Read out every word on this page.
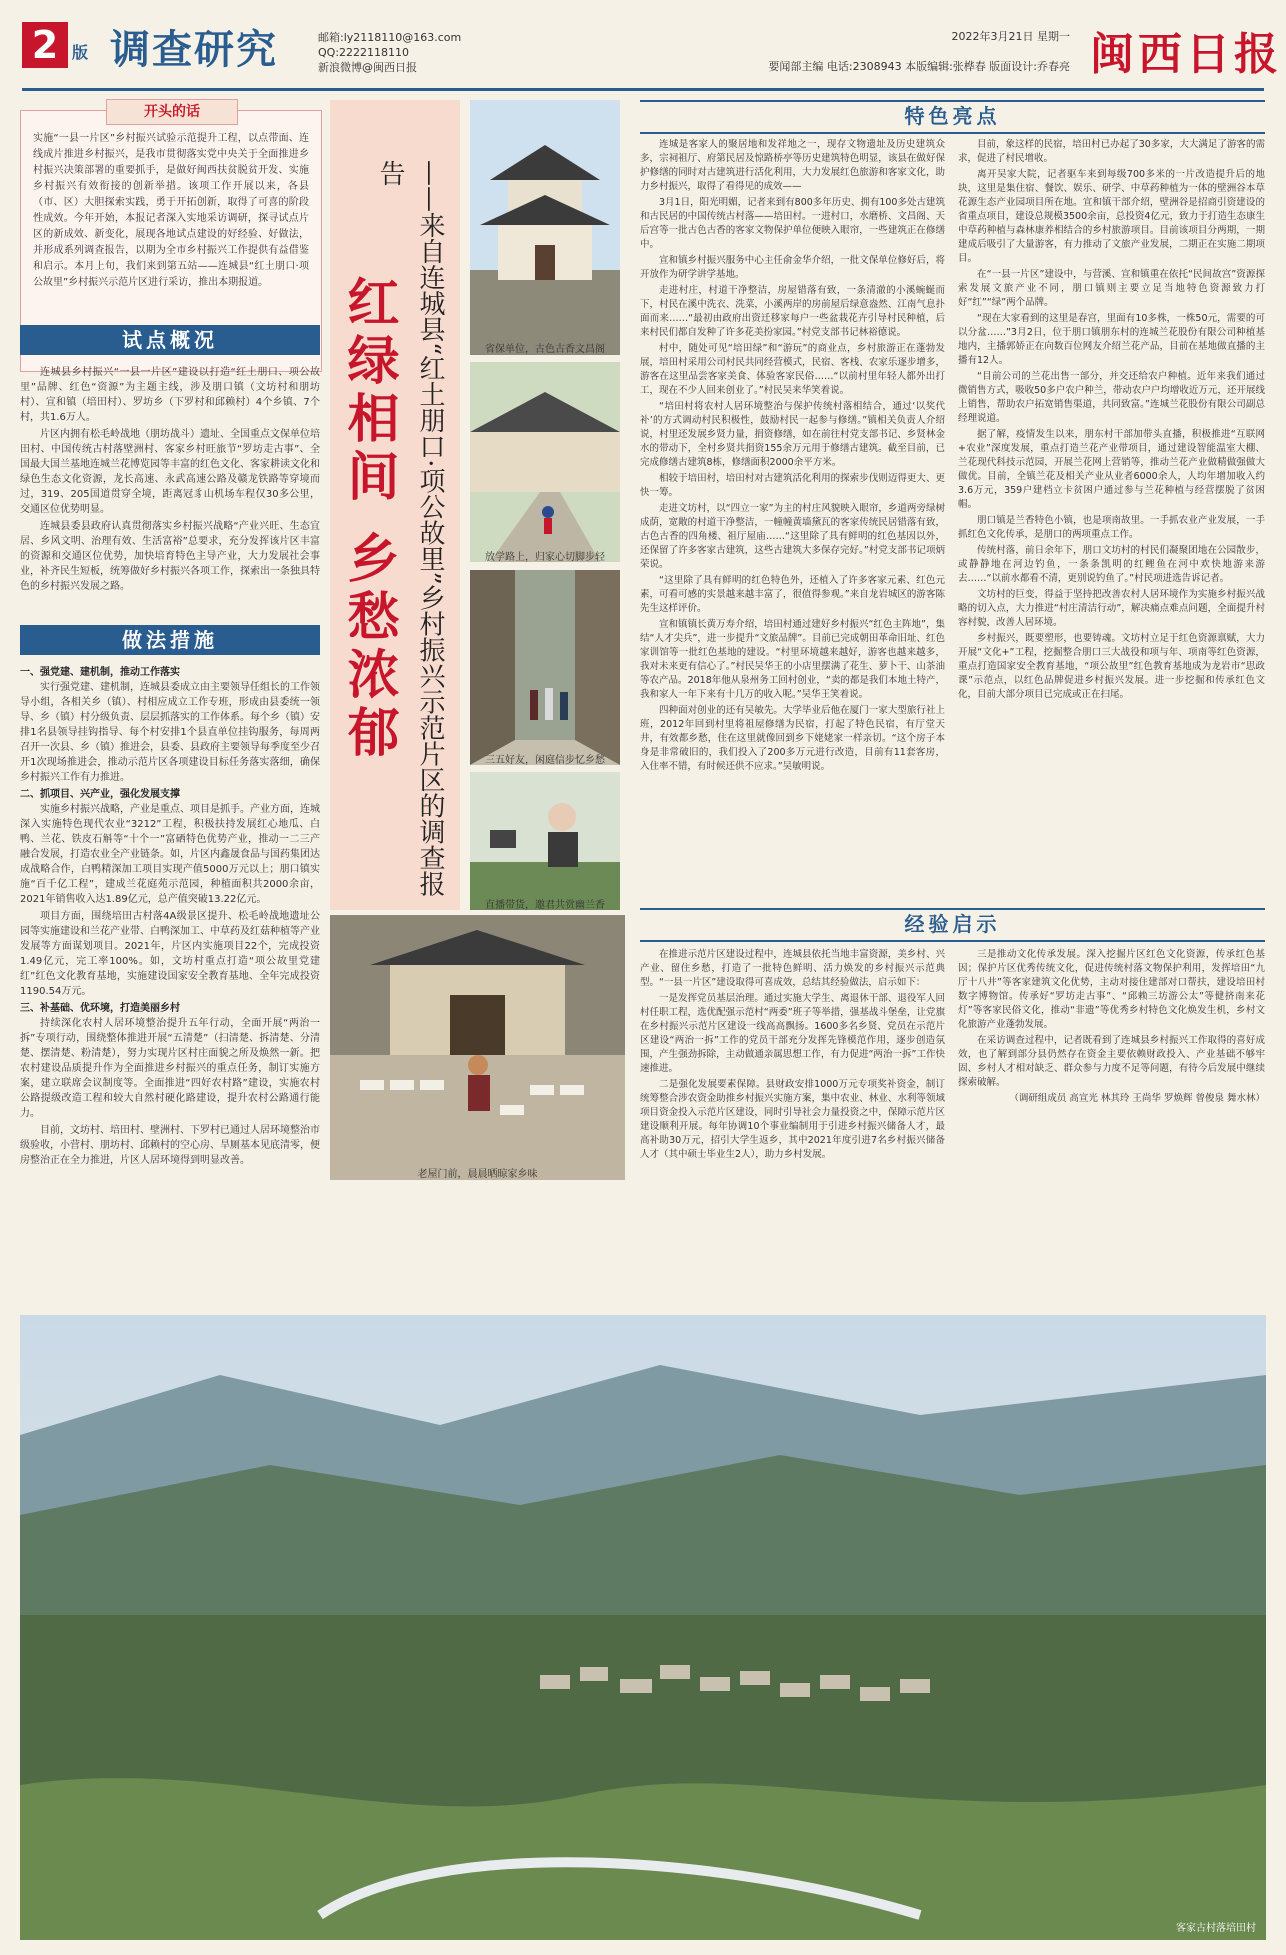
2 版 调查研究	邮箱:ly2118110@163.com
QQ:2222118110
新浪微博@闽西日报
2022年3月21日 星期一
要闻部主编 电话:2308943 本版编辑:张桦春 版面设计:乔春亮 闽西日报
开头的话
实施“一县一片区”乡村振兴试验示范提升工程，以点带面、连线成片推进乡村振兴，是我市贯彻落实党中央关于全面推进乡村振兴决策部署的重要抓手，是做好闽西扶贫脱贫开发、实施乡村振兴有效衔接的创新举措。该项工作开展以来，各县（市、区）大胆探索实践，勇于开拓创新，取得了可喜的阶段性成效。今年开始，本报记者深入实地采访调研，探寻试点片区的新成效、新变化，展现各地试点建设的好经验、好做法，并形成系列调查报告，以期为全市乡村振兴工作提供有益借鉴和启示。本月上旬，我们来到第五站——连城县“红土朋口·项公故里”乡村振兴示范片区进行采访，推出本期报道。
试点概况

连城县乡村振兴“一县一片区”建设以打造“红土朋口、项公故里”品牌、红色“资源”为主题主线，涉及朋口镇（文坊村和朋坊村）、宣和镇（培田村）、罗坊乡（下罗村和邱赖村）4个乡镇、7个村，共1.6万人。

片区内拥有松毛岭战地（朋坊战斗）遗址、全国重点文保单位培田村、中国传统古村落壁洲村、客家乡村旺旅节“罗坊走古事”、全国最大国兰基地连城兰花博览园等丰富的红色文化、客家耕读文化和绿色生态文化资源，龙长高速、永武高速公路及赣龙铁路等穿境而过，319、205国道贯穿全境，距离冠豸山机场车程仅30多公里，交通区位优势明显。

连城县委县政府认真贯彻落实乡村振兴战略“产业兴旺、生态宜居、乡风文明、治理有效、生活富裕”总要求，充分发挥该片区丰富的资源和交通区位优势，加快培育特色主导产业，大力发展社会事业，补齐民生短板，统筹做好乡村振兴各项工作，探索出一条独具特色的乡村振兴发展之路。

做法措施
一、强党建、建机制，推动工作落实

实行强党建、建机制，连城县委成立由主要领导任组长的工作领导小组，各相关乡（镇）、村相应成立工作专班，形成由县委统一领导、乡（镇）村分级负责、层层抓落实的工作体系。每个乡（镇）安排1名县领导挂钩指导、每个村安排1个县直单位挂钩服务，每周两召开一次县、乡（镇）推进会，县委、县政府主要领导每季度至少召开1次现场推进会，推动示范片区各项建设目标任务落实落细，确保乡村振兴工作有力推进。

二、抓项目、兴产业，强化发展支撑

实施乡村振兴战略，产业是重点、项目是抓手。产业方面，连城深入实施特色现代农业“3212”工程，积极扶持发展红心地瓜、白鸭、兰花、铁皮石斛等“十个一”富硒特色优势产业，推动一二三产融合发展，打造农业全产业链条。如，片区内鑫晟食品与国药集团达成战略合作，白鸭精深加工项目实现产值5000万元以上；朋口镇实施“百千亿工程”，建成兰花庭苑示范园，种植面积共2000余亩，2021年销售收入达1.89亿元，总产值突破13.22亿元。

项目方面，围绕培田古村落4A级景区提升、松毛岭战地遗址公园等实施建设和兰花产业带、白鸭深加工、中草药及红菇种植等产业发展等方面谋划项目。2021年，片区内实施项目22个，完成投资1.49亿元，完工率100%。如，文坊村重点打造“项公故里党建红”红色文化教育基地，实施建设国家安全教育基地、全年完成投资1190.54万元。

三、补基础、优环境，打造美丽乡村

持续深化农村人居环境整治提升五年行动，全面开展“两治一拆”专项行动，围绕整体推进开展“五清楚”（扫清楚、拆清楚、分清楚、摆清楚、粉清楚），努力实现片区村庄面貌之所及焕然一新。把农村建设品质提升作为全面推进乡村振兴的重点任务，制订实施方案，建立联席会议制度等。全面推进“四好农村路”建设，实施农村公路提级改造工程和较大自然村硬化路建设，提升农村公路通行能力。

目前，文坊村、培田村、壁洲村、下罗村已通过人居环境整治市级验收，小营村、朋坊村、邱赖村的空心房、旱厕基本见底清零，便房整治正在全力推进，片区人居环境得到明显改善。

红绿相间 乡愁浓郁 ——来自连城县“红土朋口·项公故里”乡村振兴示范片区的调查报告
省保单位，古色古香文昌阁
放学路上，归家心切脚步轻
三五好友，闲庭信步忆乡愁
直播带货，邀君共赏幽兰香
老屋门前，晨晨晒晾家乡味
特色亮点

连城是客家人的聚居地和发祥地之一，现存文物遗址及历史建筑众多，宗祠祖厅、府第民居及惊路桥亭等历史建筑特色明显，该县在做好保护修缮的同时对古建筑进行活化利用，大力发展红色旅游和客家文化，助力乡村振兴，取得了看得见的成效——

3月1日，阳光明媚，记者来到有800多年历史、拥有100多处古建筑和古民居的中国传统古村落——培田村。一进村口，水磨桥、文昌阁、天后宫等一批古色古香的客家文物保护单位便映入眼帘，一些建筑正在修缮中。

宣和镇乡村振兴服务中心主任俞金华介绍，一批文保单位修好后，将开放作为研学讲学基地。

走进村庄，村道干净整洁，房屋错落有致，一条清澈的小溪蜿蜒而下，村民在溪中洗衣、洗菜，小溪两岸的房前屋后绿意盎然、江南气息扑面而来……“最初由政府出资迁移家每户一些盆栽花卉引导村民种植，后来村民们都自发种了许多花美扮家园。”村党支部书记林裕德说。

村中，随处可见“培田绿”和“游玩”的商业点，乡村旅游正在蓬勃发展，培田村采用公司村民共同经营模式，民宿、客栈、农家乐逐步增多，游客在这里品尝客家美食、体验客家民俗……“以前村里年轻人都外出打工，现在不少人回来创业了。”村民吴来华笑着说。

“培田村将农村人居环境整治与保护传统村落相结合，通过‘以奖代补’的方式调动村民积极性，鼓励村民一起参与修缮。”镇相关负责人介绍说，村里还发展乡贤力量，捐资修缮，如在前往村党支部书记、乡贤林金水的带动下，全村乡贤共捐资155余万元用于修缮古建筑。截至目前，已完成修缮古建筑8栋，修缮面积2000余平方米。

相较于培田村，培田村对古建筑活化利用的探索步伐则迈得更大、更快一筹。

走进文坊村，以“四立一家”为主的村庄风貌映入眼帘，乡道两旁绿树成荫，宽敞的村道干净整洁，一幢幢黄墙黛瓦的客家传统民居错落有致，古色古香的四角楼、祖厅屋庙……“这里除了具有鲜明的红色基因以外，还保留了许多客家古建筑，这些古建筑大多保存完好。”村党支部书记项炳荣说。

“这里除了具有鲜明的红色特色外，还植入了许多客家元素、红色元素，可看可感的实景越来越丰富了，很值得参观。”来自龙岩城区的游客陈先生这样评价。

宣和镇镇长黄万寿介绍，培田村通过建好乡村振兴“红色主阵地”，集结“人才尖兵”，进一步提升“文旅品牌”。目前已完成朝田革命旧址、红色家训馆等一批红色基地的建设。“村里环境越来越好，游客也越来越多，我对未来更有信心了。”村民吴华王的小店里摆满了花生、萝卜干、山茶油等农产品。2018年他从泉州务工回村创业，“卖的都是我们本地土特产，我和家人一年下来有十几万的收入呢。”吴华王笑着说。

四种面对创业的还有吴敏先。大学毕业后他在厦门一家大型旅行社上班，2012年回到村里将祖屋修缮为民宿，打起了特色民宿，有厅堂天井，有效都乡愁，住在这里就像回到乡下姥姥家一样亲切。“这个房子本身是非常破旧的，我们投入了200多万元进行改造，目前有11套客房，入住率不错，有时候还供不应求。”吴敏明说。

目前，象这样的民宿，培田村已办起了30多家，大大满足了游客的需求，促进了村民增收。

离开吴家大院，记者驱车来到每级700多米的一片改造提升后的地块，这里是集住宿、餐饮、娱乐、研学、中草药种植为一体的壁洲谷本草花源生态产业园项目所在地。宣和镇干部介绍，壁洲谷是招商引资建设的省重点项目，建设总规模3500余亩，总投资4亿元，致力于打造生态康生中草药种植与森林康养相结合的乡村旅游项目。目前该项目分两期，一期建成后吸引了大量游客，有力推动了文旅产业发展，二期正在实施二期项目。

在“一县一片区”建设中，与营溪、宣和镇重在依托“民间故宫”资源探索发展文旅产业不同，朋口镇则主要立足当地特色资源致力打好“红”“绿”两个品牌。

“现在大家看到的这里是春宫，里面有10多株，一株50元，需要的可以分盆……”3月2日，位于朋口镇朋东村的连城兰花股份有限公司种植基地内，主播郭娇正在向数百位网友介绍兰花产品，目前在基地做直播的主播有12人。

“目前公司的兰花出售一部分，并交还给农户种植。近年来我们通过微销售方式，吸收50多户农户种兰，带动农户户均增收近万元，还开展线上销售，帮助农户拓宽销售渠道，共同致富。”连城兰花股份有限公司副总经理说道。

据了解，疫情发生以来，朋东村干部加带头直播，积极推进“互联网+农业”深度发展，重点打造兰花产业带项目，通过建设智能温室大棚、兰花现代科技示范园，开展兰花网上营销等，推动兰花产业做精做强做大做优。目前，全镇兰花及相关产业从业者6000余人，人均年增加收入约3.6万元，359户建档立卡贫困户通过参与兰花种植与经营摆脱了贫困帽。

朋口镇是兰香特色小镇，也是项南故里。一手抓农业产业发展，一手抓红色文化传承，是朋口的两项重点工作。

传统村落，前日余年下，朋口文坊村的村民们凝聚团地在公园散步，或静静地在河边钓鱼，一条条凯明的红鲤鱼在河中欢快地游来游去……“以前水都看不清，更别说钓鱼了。”村民项进选告诉记者。

文坊村的巨变，得益于坚持把改善农村人居环境作为实施乡村振兴战略的切入点，大力推进“村庄清洁行动”，解决痛点难点问题，全面提升村容村貌，改善人居环境。

乡村振兴，既要塑形，也要铸魂。文坊村立足于红色资源禀赋，大力开展“文化+”工程，挖掘整合朋口三大战役和项与年、项南等红色资源，重点打造国家安全教育基地，“项公故里”红色教育基地成为龙岩市“思政课”示范点，以红色品牌促进乡村振兴发展。进一步挖掘和传承红色文化，目前大部分项目已完成或正在扫尾。

经验启示

在推进示范片区建设过程中，连城县依托当地丰富资源，美乡村、兴产业、留住乡愁，打造了一批特色鲜明、活力焕发的乡村振兴示范典型。“一县一片区”建设取得可喜成效，总结其经验做法，启示如下：

一是发挥党员基层治理。通过实施大学生、离退休干部、退役军人回村任职工程，选优配强示范村“两委”班子等举措，强基战斗堡垒，让党旗在乡村振兴示范片区建设一线高高飘扬。1600多名乡贤、党员在示范片区建设“两治一拆”工作的党员干部充分发挥先锋模范作用，逐步创造氛围，产生强劲拆除，主动做通亲属思想工作，有力促进“两治一拆”工作快速推进。

二是强化发展要素保障。县财政安排1000万元专项奖补资金，制订统筹整合涉农资金助推乡村振兴实施方案，集中农业、林业、水利等领域项目资金投入示范片区建设，同时引导社会力量投资之中，保障示范片区建设顺利开展。每年协调10个事业编制用于引进乡村振兴储备人才，最高补助30万元，招引大学生返乡，其中2021年度引进7名乡村振兴储备人才（其中硕士毕业生2人），助力乡村发展。

三是推动文化传承发展。深入挖掘片区红色文化资源，传承红色基因；保护片区优秀传统文化，促进传统村落文物保护利用，发挥培田“九厅十八井”等客家建筑文化优势，主动对接住建部对口帮扶，建设培田村数字博物馆。传承好“罗坊走古事”、“邱赖三坊游公太”等健挤南来花灯”等客家民俗文化，推动“非遗”等优秀乡村特色文化焕发生机，乡村文化旅游产业蓬勃发展。

在采访调查过程中，记者既看到了连城县乡村振兴工作取得的喜好成效，也了解到部分县仍然存在资金主要依赖财政投入、产业基础不够牢固、乡村人才相对缺乏、群众参与力度不足等问题，有待今后发展中继续探索破解。

（调研组成员 高宣光 林其玲 王尚华 罗焕辉 曾俊泉 舞水林）
客家古村落培田村
